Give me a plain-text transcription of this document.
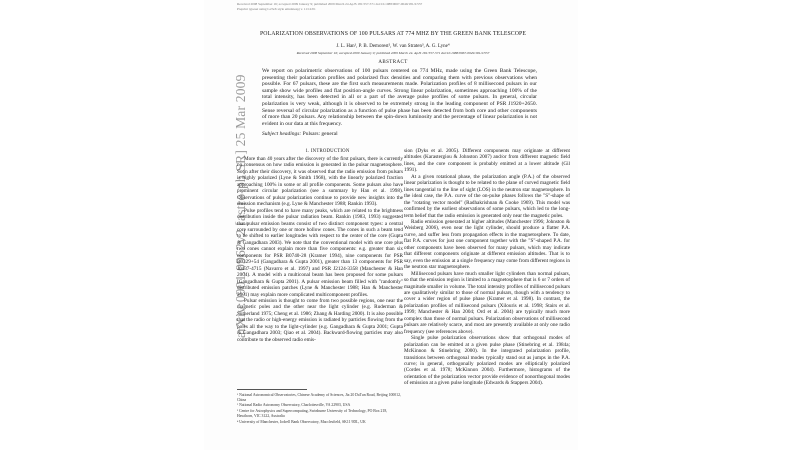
Received 2008 September 16; accepted 2009 January 9; published 2009 March 24 ApJS 181:557-571 doi:10.1088/0067-0049/181/2/557
Preprint typeset using LaTeX style emulateapj v. 11/12/01
arXiv:0901.0962v2 [astro-ph.SR] 25 Mar 2009
POLARIZATION OBSERVATIONS OF 100 PULSARS AT 774 MHZ BY THE GREEN BANK TELESCOPE
J. L. Han¹, P. B. Demorest², W. van Straten³, A. G. Lyne⁴
Received 2008 September 16; accepted 2009 January 9; published 2009 March 24. ApJS 181:557-571 doi:10.1088/0067-0049/181/2/557
ABSTRACT

We report on polarimetric observations of 100 pulsars centered on 774 MHz, made using the Green Bank Telescope, presenting their polarization profiles and polarized flux densities and comparing them with previous observations when possible. For 67 pulsars, these are the first such measurements made. Polarization profiles of 8 millisecond pulsars in our sample show wide profiles and flat position-angle curves. Strong linear polarization, sometimes approaching 100% of the total intensity, has been detected in all or a part of the average pulse profiles of some pulsars. In general, circular polarization is very weak, although it is observed to be extremely strong in the leading component of PSR J1920+2650. Sense reversal of circular polarization as a function of pulse phase has been detected from both core and other components of more than 20 pulsars. Any relationship between the spin-down luminosity and the percentage of linear polarization is not evident in our data at this frequency.

Subject headings: Pulsars: general
1. INTRODUCTION

More than 40 years after the discovery of the first pulsars, there is currently no consensus on how radio emission is generated in the pulsar magnetosphere. Soon after their discovery, it was observed that the radio emission from pulsars is highly polarized (Lyne & Smith 1968), with the linearly polarized fraction approaching 100% in some or all profile components. Some pulsars also have prominent circular polarization (see a summary by Han et al. 1998). Observations of pulsar polarization continue to provide new insights into the emission mechanism (e.g. Lyne & Manchester 1988; Rankin 1993).

Pulse profiles tend to have many peaks, which are related to the brightness distribution inside the pulsar radiation beam. Rankin (1983, 1993) suggested that pulsar emission beams consist of two distinct component types: a central core surrounded by one or more hollow cones. The cones in such a beam tend to be shifted to earlier longitudes with respect to the center of the core (Gupta & Gangadhara 2003). We note that the conventional model with one core plus two cones cannot explain more than five components: e.g. greater than six components for PSR B0740-28 (Kramer 1994), nine components for PSR B0329+54 (Gangadhara & Gupta 2001), greater than 13 components for PSR J0437-4715 (Navarro et al. 1997) and PSR J2124-3358 (Manchester & Han 2004). A model with a multiconal beam has been proposed for some pulsars (Gangadhara & Gupta 2001). A pulsar emission beam filled with "randomly" distributed emission patches (Lyne & Manchester 1988; Han & Manchester 2001) may explain more complicated multicomponent profiles.

Pulsar emission is thought to come from two possible regions, one near the magnetic poles and the other near the light cylinder (e.g. Ruderman & Sutherland 1975; Cheng et al. 1986; Zhang & Harding 2000). It is also possible that the radio or high-energy emission is radiated by particles flowing from the poles all the way to the light-cylinder (e.g. Gangadhara & Gupta 2001; Gupta & Gangadhara 2003; Qiao et al. 2004). Backward-flowing particles may also contribute to the observed radio emis-

¹ National Astronomical Observatories, Chinese Academy of Sciences, Jia 20 DaTun Road, Beijing 100012, China
² National Radio Astronomy Observatory, Charlottesville, VA 22903, USA
³ Centre for Astrophysics and Supercomputing, Swinburne University of Technology, PO Box 218, Hawthorn, VIC 3122, Australia
⁴ University of Manchester, Jodrell Bank Observatory, Macclesfield, SK11 9DL, UK

sion (Dyks et al. 2005). Different components may originate at different altitudes (Karastergiou & Johnston 2007) and/or from different magnetic field lines, and the core component is probably emitted at a lower altitude (Gil 1991).

At a given rotational phase, the polarization angle (P.A.) of the observed linear polarization is thought to be related to the plane of curved magnetic field lines tangential to the line of sight (LOS) in the neutron star magnetosphere. In the ideal case, the P.A. curve of the on-pulse phases follows the "S"-shape of the "rotating vector model" (Radhakrishnan & Cooke 1969). This model was confirmed by the earliest observations of some pulsars, which led to the long-term belief that the radio emission is generated only near the magnetic poles.

Radio emission generated at higher altitudes (Manchester 1996; Johnston & Weisberg 2006), even near the light cylinder, should produce a flatter P.A. curve, and suffer less from propagation effects in the magnetosphere. To date, flat P.A. curves for just one component together with the "S"-shaped P.A. for other components have been observed for many pulsars, which may indicate that different components originate at different emission altitudes. That is to say, even the emission at a single frequency may come from different regions in the neutron star magnetosphere.

Millisecond pulsars have much smaller light cylinders than normal pulsars, so that the emission region is limited to a magnetosphere that is 6 or 7 orders of magnitude smaller in volume. The total intensity profiles of millisecond pulsars are qualitatively similar to those of normal pulsars, though with a tendency to cover a wider region of pulse phase (Kramer et al. 1998). In contrast, the polarization profiles of millisecond pulsars (Xilouris et al. 1998; Stairs et al. 1999; Manchester & Han 2004; Ord et al. 2004) are typically much more complex than those of normal pulsars. Polarization observations of millisecond pulsars are relatively scarce, and most are presently available at only one radio frequency (see references above).

Single pulse polarization observations show that orthogonal modes of polarization can be emitted at a given pulse phase (Stinebring et al. 1984a; McKinnon & Stinebring 2000). In the integrated polarization profile, transitions between orthogonal modes typically stand out as jumps in the P.A. curve; in general, orthogonally polarized modes are elliptically polarized (Cordes et al. 1978; McKinnon 2004). Furthermore, histograms of the orientation of the polarization vector provide evidence of nonorthogonal modes of emission at a given pulse longitude (Edwards & Stappers 2004).
